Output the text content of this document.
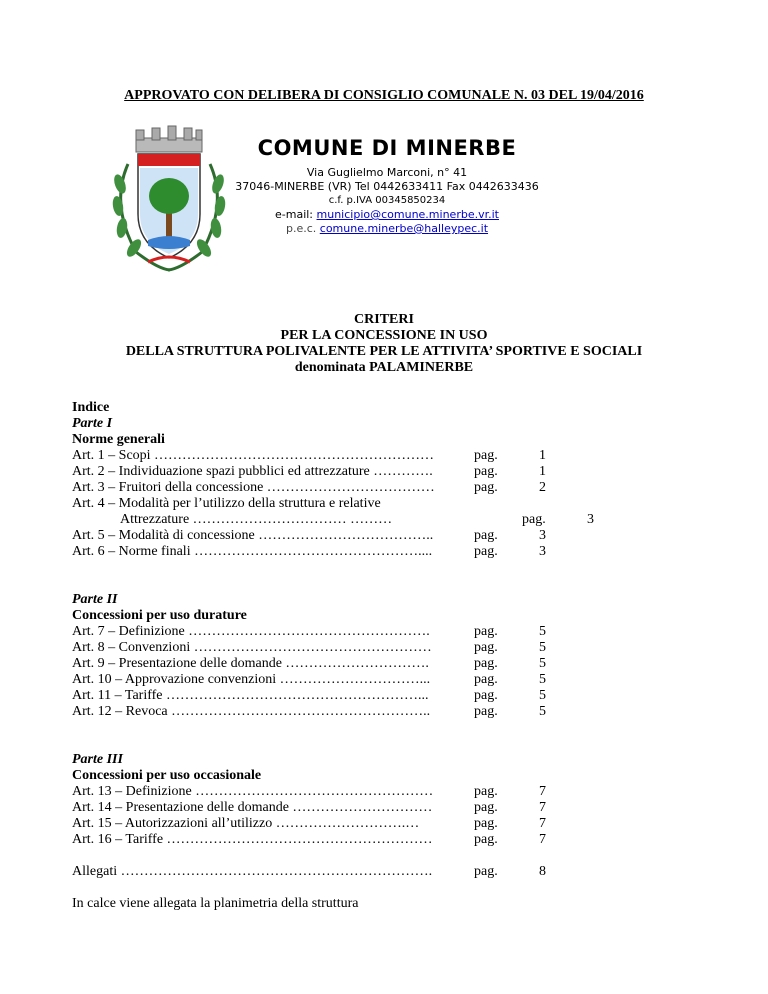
APPROVATO CON DELIBERA DI CONSIGLIO COMUNALE N. 03 DEL 19/04/2016
COMUNE DI MINERBE
Via Guglielmo Marconi, n° 41
37046-MINERBE (VR) Tel 0442633411 Fax 0442633436
c.f. p.IVA 00345850234
e-mail: municipio@comune.minerbe.vr.it
p.e.c. comune.minerbe@halleypec.it
CRITERI
PER LA CONCESSIONE IN USO
DELLA STRUTTURA POLIVALENTE PER LE ATTIVITA’ SPORTIVE E SOCIALI
denominata PALAMINERBE
Indice
Parte I
Norme generali
Art. 1 – Scopi ……………………………………………………	pag.	1
Art. 2 – Individuazione spazi pubblici ed attrezzature ………….	pag.	1
Art. 3 – Fruitori della concessione ………………………………	pag.	2
Art. 4 – Modalità per l’utilizzo della struttura e relative
Attrezzature …………………………… ………	pag.	3
Art. 5 – Modalità di concessione ………………………………..	pag.	3
Art. 6 – Norme finali …………………………………………....	pag.	3
Parte II
Concessioni per uso durature
Art. 7 – Definizione …………………………………………….	pag.	5
Art. 8 – Convenzioni ……………………………………………	pag.	5
Art. 9 – Presentazione delle domande ………………………….	pag.	5
Art. 10 – Approvazione convenzioni …………………………...	pag.	5
Art. 11 – Tariffe ………………………………………………...	pag.	5
Art. 12 – Revoca ………………………………………………..	pag.	5
Parte III
Concessioni per uso occasionale
Art. 13 – Definizione ……………………………………………	pag.	7
Art. 14 – Presentazione delle domande …………………………	pag.	7
Art. 15 – Autorizzazioni all’utilizzo ……………………….…	pag.	7
Art. 16 – Tariffe …………………………………………………	pag.	7
Allegati ………………………………………………………….	pag.	8
In calce viene allegata la planimetria della struttura
